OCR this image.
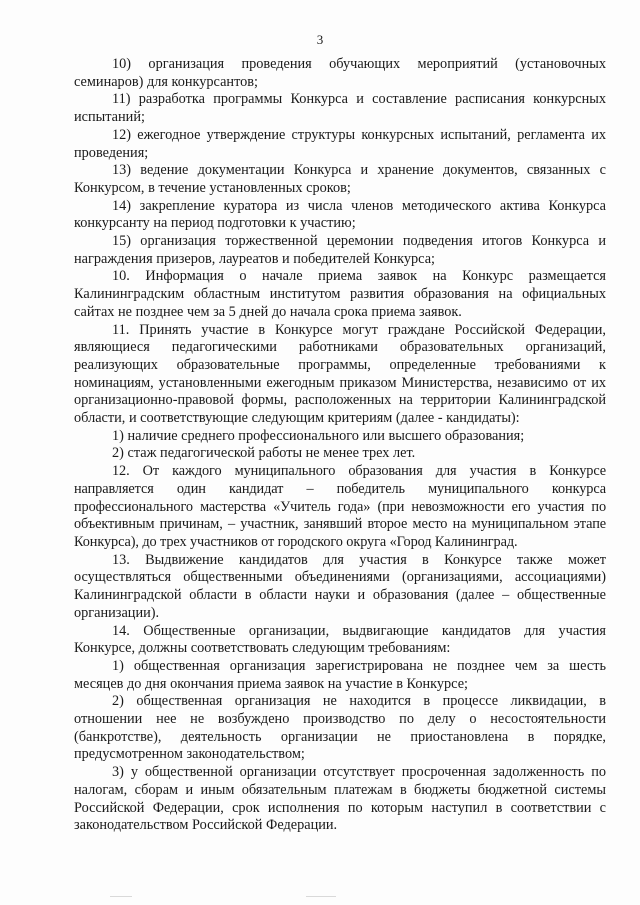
3

10) организация проведения обучающих мероприятий (установочных семинаров) для конкурсантов;

11) разработка программы Конкурса и составление расписания конкурсных испытаний;

12) ежегодное утверждение структуры конкурсных испытаний, регламента их проведения;

13) ведение документации Конкурса и хранение документов, связанных с Конкурсом, в течение установленных сроков;

14) закрепление куратора из числа членов методического актива Конкурса конкурсанту на период подготовки к участию;

15) организация торжественной церемонии подведения итогов Конкурса и награждения призеров, лауреатов и победителей Конкурса;

10. Информация о начале приема заявок на Конкурс размещается Калининградским областным институтом развития образования на официальных сайтах не позднее чем за 5 дней до начала срока приема заявок.

11. Принять участие в Конкурсе могут граждане Российской Федерации, являющиеся педагогическими работниками образовательных организаций, реализующих образовательные программы, определенные требованиями к номинациям, установленными ежегодным приказом Министерства, независимо от их организационно-правовой формы, расположенных на территории Калининградской области, и соответствующие следующим критериям (далее - кандидаты):

1) наличие среднего профессионального или высшего образования;

2) стаж педагогической работы не менее трех лет.

12. От каждого муниципального образования для участия в Конкурсе направляется один кандидат – победитель муниципального конкурса профессионального мастерства «Учитель года» (при невозможности его участия по объективным причинам, – участник, занявший второе место на муниципальном этапе Конкурса), до трех участников от городского округа «Город Калининград.

13. Выдвижение кандидатов для участия в Конкурсе также может осуществляться общественными объединениями (организациями, ассоциациями) Калининградской области в области науки и образования (далее – общественные организации).

14. Общественные организации, выдвигающие кандидатов для участия Конкурсе, должны соответствовать следующим требованиям:

1) общественная организация зарегистрирована не позднее чем за шесть месяцев до дня окончания приема заявок на участие в Конкурсе;

2) общественная организация не находится в процессе ликвидации, в отношении нее не возбуждено производство по делу о несостоятельности (банкротстве), деятельность организации не приостановлена в порядке, предусмотренном законодательством;

3) у общественной организации отсутствует просроченная задолженность по налогам, сборам и иным обязательным платежам в бюджеты бюджетной системы Российской Федерации, срок исполнения по которым наступил в соответствии с законодательством Российской Федерации.
